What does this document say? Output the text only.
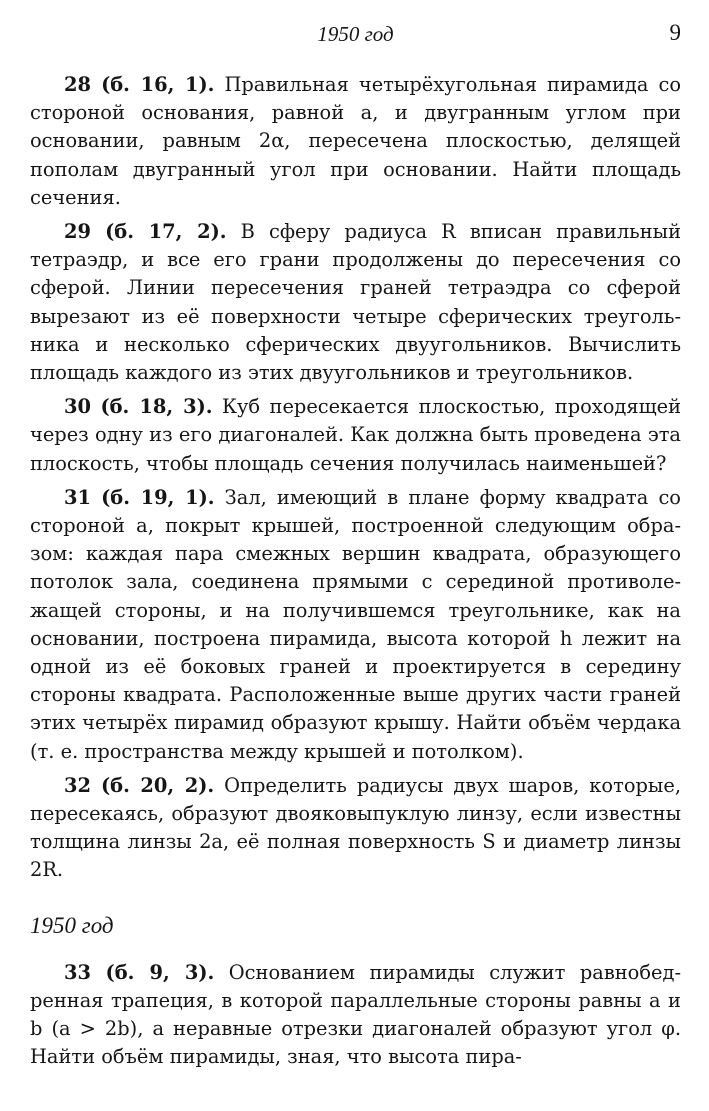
1950 год	9

28 (б. 16, 1). Правильная четырёхугольная пирамида со стороной основания, равной a, и двугранным углом при основании, равным 2α, пересечена плоскостью, делящей пополам двугранный угол при основании. Найти площадь сечения.

29 (б. 17, 2). В сферу радиуса R вписан правильный тетраэдр, и все его грани продолжены до пересечения со сферой. Линии пересечения граней тетраэдра со сферой вырезают из её поверхности четыре сферических треугольника и несколько сферических двуугольников. Вычислить площадь каждого из этих двуугольников и треугольников.

30 (б. 18, 3). Куб пересекается плоскостью, проходящей через одну из его диагоналей. Как должна быть проведена эта плоскость, чтобы площадь сечения получилась наименьшей?

31 (б. 19, 1). Зал, имеющий в плане форму квадрата со стороной a, покрыт крышей, построенной следующим образом: каждая пара смежных вершин квадрата, образующего потолок зала, соединена прямыми с серединой противолежащей стороны, и на получившемся треугольнике, как на основании, построена пирамида, высота которой h лежит на одной из её боковых граней и проектируется в середину стороны квадрата. Расположенные выше других части граней этих четырёх пирамид образуют крышу. Найти объём чердака (т. е. пространства между крышей и потолком).

32 (б. 20, 2). Определить радиусы двух шаров, которые, пересекаясь, образуют двояковыпуклую линзу, если известны толщина линзы 2a, её полная поверхность S и диаметр линзы 2R.

1950 год

33 (б. 9, 3). Основанием пирамиды служит равнобедренная трапеция, в которой параллельные стороны равны a и b (a > 2b), а неравные отрезки диагоналей образуют угол φ. Найти объём пирамиды, зная, что высота пира-
